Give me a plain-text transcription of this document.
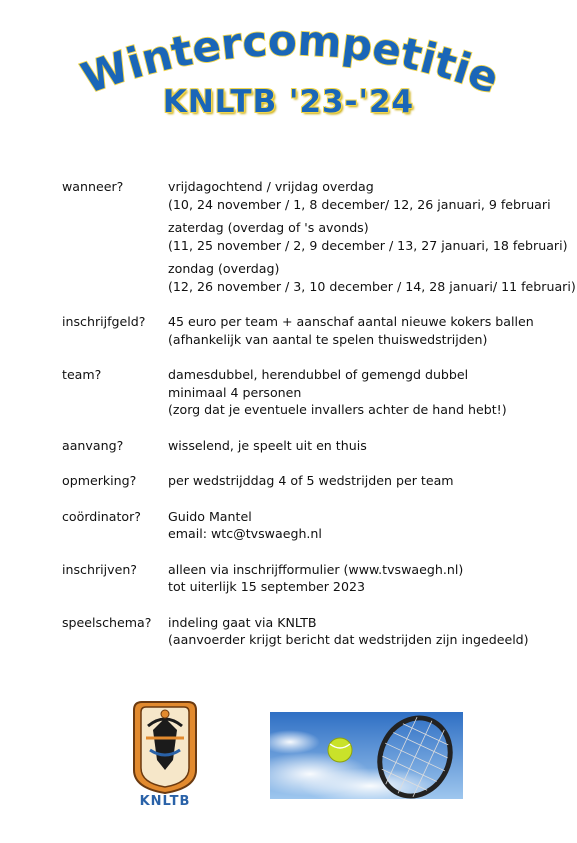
Wintercompetitie
KNLTB '23-'24
wanneer?	vrijdagochtend / vrijdag overdag
(10, 24 november / 1, 8 december/ 12, 26 januari, 9 februari
zaterdag (overdag of 's avonds)
(11, 25 november / 2, 9 december / 13, 27 januari, 18 februari)
zondag (overdag)
(12, 26 november / 3, 10 december / 14, 28 januari/ 11 februari)
inschrijfgeld?	45 euro per team + aanschaf aantal nieuwe kokers ballen
(afhankelijk van aantal te spelen thuiswedstrijden)
team?	damesdubbel, herendubbel of gemengd dubbel
minimaal 4 personen
(zorg dat je eventuele invallers achter de hand hebt!)
aanvang?	wisselend, je speelt uit en thuis
opmerking?	per wedstrijddag 4 of 5 wedstrijden per team
coördinator?	Guido Mantel
email: wtc@tvswaegh.nl
inschrijven?	alleen via inschrijfformulier (www.tvswaegh.nl)
tot uiterlijk 15 september 2023
speelschema?	indeling gaat via KNLTB
(aanvoerder krijgt bericht dat wedstrijden zijn ingedeeld)
KNLTB
